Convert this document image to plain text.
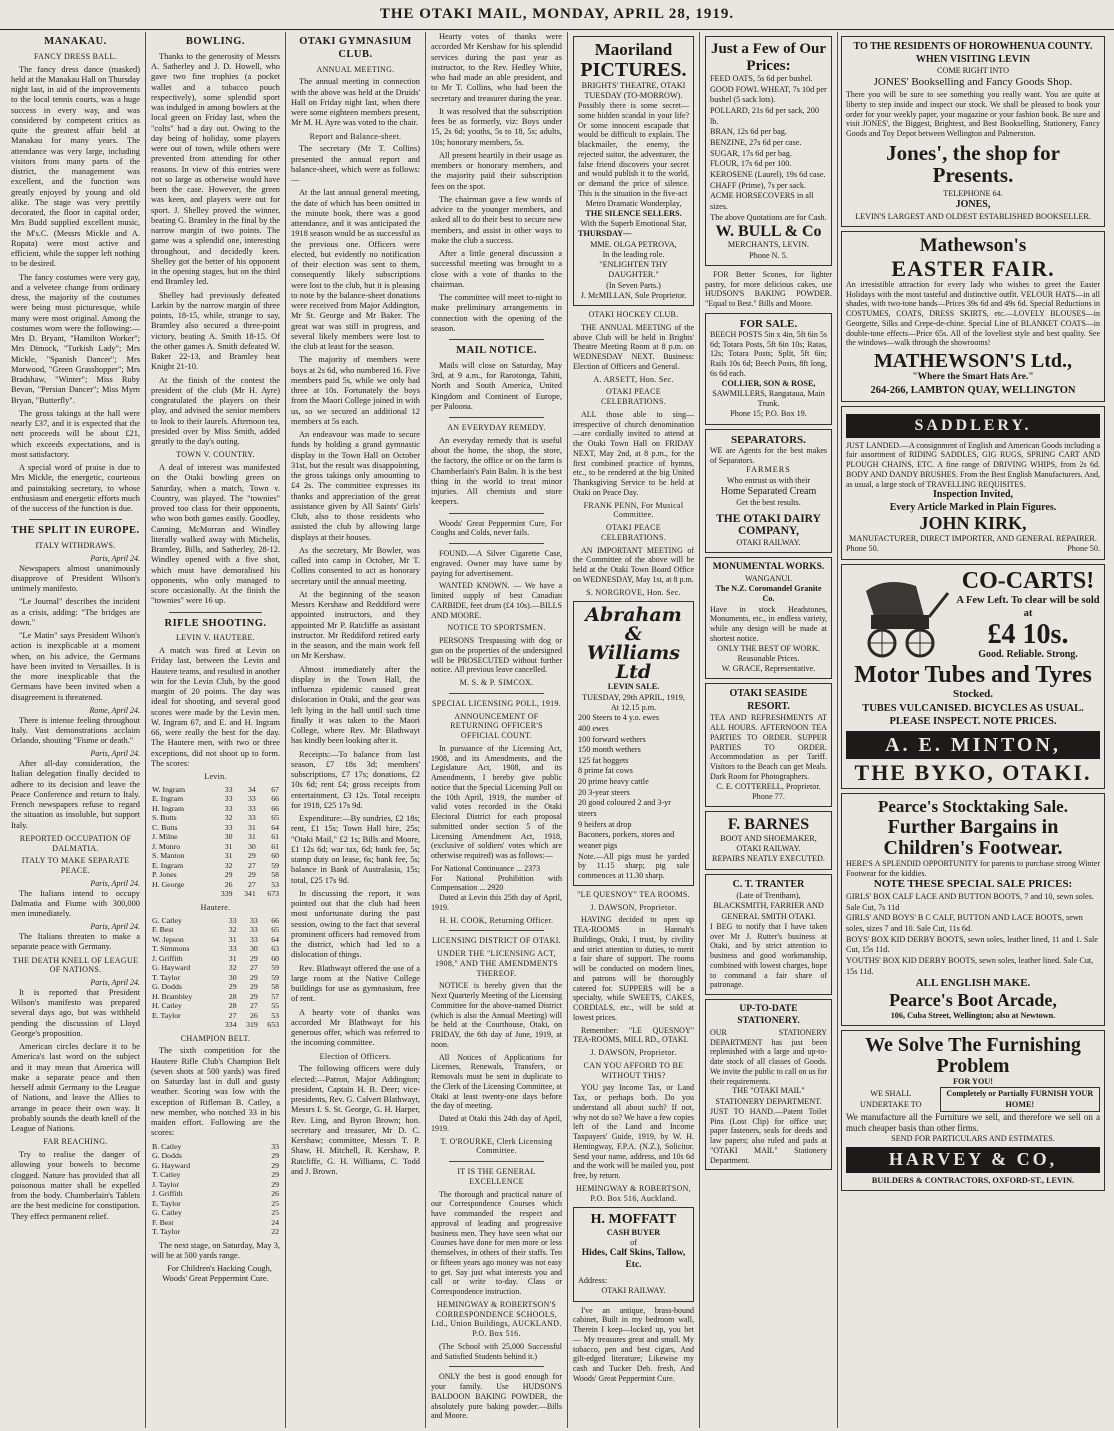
THE OTAKI MAIL, MONDAY, APRIL 28, 1919.
MANAKAU.
FANCY DRESS BALL.

The fancy dress dance (masked) held at the Manakau Hall on Thursday night last, in aid of the improvements to the local tennis courts, was a huge success in every way, and was considered by competent critics as quite the greatest affair held at Manakau for many years. The attendance was very large, including visitors from many parts of the district, the management was excellent, and the function was greatly enjoyed by young and old alike. The stage was very prettily decorated, the floor in capital order, Mrs Budd supplied excellent music, the M's.C. (Messrs Mickle and A. Ropata) were most active and efficient, while the supper left nothing to be desired.

The fancy costumes were very gay, and a velvetee change from ordinary dress, the majority of the costumes were being most picturesque, while many were most original. Among the costumes worn were the following:— Mrs D. Bryant, "Hamilton Worker"; Mrs Dimock, "Turkish Lady"; Mrs Mickle, "Spanish Dancer"; Mrs Morwood, "Green Grasshopper"; Mrs Bradshaw, "Winter"; Miss Ruby Bevan, "Persian Dancer"; Miss Myrn Bryan, "Butterfly".

The gross takings at the hall were nearly £37, and it is expected that the nett proceeds will be about £21, which exceeds expectations, and is most satisfactory.

A special word of praise is due to Mrs Mickle, the energetic, courteous and painstaking secretary, to whose enthusiasm and energetic efforts much of the success of the function is due.

THE SPLIT IN EUROPE.
ITALY WITHDRAWS.
Paris, April 24.

Newspapers almost unanimously disapprove of President Wilson's untimely manifesto.

"Le Journal" describes the incident as a crisis, adding: "The bridges are down."

"Le Matin" says President Wilson's action is inexplicable at a moment when, on his advice, the Germans have been invited to Versailles. It is the more inexplicable that the Germans have been invited when a disagreement is threatened.

Rome, April 24.

There is intense feeling throughout Italy. Vast demonstrations acclaim Orlando, shouting "Fiume or death."

Paris, April 24.

After all-day consideration, the Italian delegation finally decided to adhere to its decision and leave the Peace Conference and return to Italy. French newspapers refuse to regard the situation as insoluble, but support Italy.

REPORTED OCCUPATION OF DALMATIA.
ITALY TO MAKE SEPARATE PEACE.
Paris, April 24.

The Italians intend to occupy Dalmatia and Fiume with 300,000 men immediately.

Paris, April 24.

The Italians threaten to make a separate peace with Germany.

THE DEATH KNELL OF LEAGUE OF NATIONS.
Paris, April 24.

It is reported that President Wilson's manifesto was prepared several days ago, but was withheld pending the discussion of Lloyd George's proposition.

American circles declare it to be America's last word on the subject and it may mean that America will make a separate peace and then herself admit Germany to the League of Nations, and leave the Allies to arrange in peace their own way. It probably sounds the death knell of the League of Nations.

FAR REACHING.

Try to realise the danger of allowing your bowels to become clogged. Nature has provided that all poisonous matter shall be expelled from the body. Chamberlain's Tablets are the best medicine for constipation. They effect permanent relief.

BOWLING.

Thanks to the generosity of Messrs A. Satherley and J. D. Howell, who gave two fine trophies (a pocket wallet and a tobacco pouch respectively), some splendid sport was indulged in among bowlers at the local green on Friday last, when the "colts" had a day out. Owing to the day being of holiday, some players were out of town, while others were prevented from attending for other reasons. In view of this entries were not so large as otherwise would have been the case. However, the green was keen, and players were out for sport. J. Shelley proved the winner, beating G. Bramley in the final by the narrow margin of two points. The game was a splendid one, interesting throughout, and decidedly keen. Shelley got the better of his opponent in the opening stages, but on the third end Bramley led.

Shelley had previously defeated Larkin by the narrow margin of three points, 18-15, while, strange to say, Bramley also secured a three-point victory, beating A. Smith 18-15. Of the other games A. Smith defeated W. Baker 22-13, and Bramley beat Knight 21-10.

At the finish of the contest the president of the club (Mr H. Ayre) congratulated the players on their play, and advised the senior members to look to their laurels. Afternoon tea, presided over by Miss Smith, added greatly to the day's outing.

TOWN V. COUNTRY.

A deal of interest was manifested on the Otaki bowling green on Saturday, when a match, Town v. Country, was played. The "townies" proved too class for their opponents, who won both games easily. Goodley, Canning, McMorran and Windley literally walked away with Michelis, Bramley, Bills, and Satherley, 28-12. Windley opened with a five shot, which must have demoralised his opponents, who only managed to score occasionally. At the finish the "townies" were 16 up.

RIFLE SHOOTING.
LEVIN V. HAUTERE.

A match was fired at Levin on Friday last, between the Levin and Hautere teams, and resulted in another win for the Levin Club, by the good margin of 20 points. The day was ideal for shooting, and several good scores were made by the Levin men. W. Ingram 67, and E. and H. Ingram 66, were really the best for the day. The Hautere men, with two or three exceptions, did not shoot up to form. The scores:

Levin.
W. Ingram	33	34	67
E. Ingram	33	33	66
H. Ingram	33	33	66
S. Butts	32	33	65
C. Butts	33	31	64
J. Milne	30	31	61
J. Munro	31	30	61
S. Manton	31	29	60
E. Ingram	32	27	59
P. Jones	29	29	58
H. George	26	27	53
	339	341	673
Hautere.
G. Catley	33	33	66
F. Best	32	33	65
W. Jepson	31	33	64
T. Simmons	33	30	63
J. Griffith	31	29	60
G. Hayward	32	27	59
T. Taylor	30	29	59
G. Dodds	29	29	58
H. Brambley	28	29	57
H. Catley	28	27	55
E. Taylor	27	26	53
	334	319	653
CHAMPION BELT.

The sixth competition for the Hautere Rifle Club's Champion Belt (seven shots at 500 yards) was fired on Saturday last in dull and gusty weather. Scoring was low with the exception of Rifleman B. Catley, a new member, who notched 33 in his maiden effort. Following are the scores:

B. Catley	33
G. Dodds	29
G. Hayward	29
T. Catley	29
J. Taylor	29
J. Griffith	26
E. Taylor	25
G. Catley	25
F. Best	24
T. Taylor	22

The next stage, on Saturday, May 3, will be at 500 yards range.

For Children's Hacking Cough, Woods' Great Peppermint Cure.

OTAKI GYMNASIUM CLUB.
ANNUAL MEETING.

The annual meeting in connection with the above was held at the Druids' Hall on Friday night last, when there were some eighteen members present, Mr M. H. Ayre was voted to the chair.

Report and Balance-sheet.

The secretary (Mr T. Collins) presented the annual report and balance-sheet, which were as follows:—

At the last annual general meeting, the date of which has been omitted in the minute book, there was a good attendance, and it was anticipated the 1918 season would be as successful as the previous one. Officers were elected, but evidently no notification of their election was sent to them, consequently likely subscriptions were lost to the club, but it is pleasing to note by the balance-sheet donations were received from Major Addington, Mr St. George and Mr Baker. The great war was still in progress, and several likely members were lost to the club at least for the season.

The majority of members were boys at 2s 6d, who numbered 16. Five members paid 5s, while we only had three at 10s. Fortunately the boys from the Maori College joined in with us, so we secured an additional 12 members at 5s each.

An endeavour was made to secure funds by holding a grand gymnastic display in the Town Hall on October 31st, but the result was disappointing, the gross takings only amounting to £4 2s. The committee expresses its thanks and appreciation of the great assistance given by All Saints' Girls' Club, also to those residents who assisted the club by allowing large displays at their houses.

As the secretary, Mr Bowler, was called into camp in October, Mr T. Collins consented to act as honorary secretary until the annual meeting.

At the beginning of the season Messrs Kershaw and Reddiford were appointed instructors, and they appointed Mr P. Ratcliffe as assistant instructor. Mr Reddiford retired early in the season, and the main work fell on Mr Kershaw.

Almost immediately after the display in the Town Hall, the influenza epidemic caused great dislocation in Otaki, and the gear was left lying in the hall until such time finally it was taken to the Maori College, where Rev. Mr Blathwayt has kindly been looking after it.

Receipts:—To balance from last season, £7 18s 3d; members' subscriptions, £7 17s; donations, £2 10s 6d; rent £4; gross receipts from entertainment, £3 12s. Total receipts for 1918, £25 17s 9d.

Expenditure:—By sundries, £2 18s; rent, £1 15s; Town Hall hire, 25s; "Otaki Mail," £2 1s; Bills and Moore, £1 12s 6d; war tax, 6d; bank fee, 5s; stamp duty on lease, 6s; bank fee, 5s; balance in Bank of Australasia, 15s; total, £25 17s 9d.

In discussing the report, it was pointed out that the club had been most unfortunate during the past session, owing to the fact that several prominent officers had removed from the district, which had led to a dislocation of things.

Rev. Blathwayt offered the use of a large room at the Native College buildings for use as gymnasium, free of rent.

A hearty vote of thanks was accorded Mr Blathwayt for his generous offer, which was referred to the incoming committee.

Election of Officers.

The following officers were duly elected:—Patron, Major Addington; president, Captain H. B. Deer; vice-presidents, Rev. G. Calvert Blathwayt, Messrs I. S. St. George, G. H. Harper, Rev. Ling, and Byron Brown; hon. secretary and treasurer, Mr D. C. Kershaw; committee, Messrs T. P. Shaw, H. Mitchell, R. Kershaw, P. Ratcliffe, G. H. Williams, C. Todd and J. Brown.

Hearty votes of thanks were accorded Mr Kershaw for his splendid services during the past year as instructor, to the Rev. Hedley White, who had made an able president, and to Mr T. Collins, who had been the secretary and treasurer during the year.

It was resolved that the subscription fees be as formerly, viz: Boys under 15, 2s 6d; youths, 5s to 18, 5s; adults, 10s; honorary members, 5s.

All present heartily in their usage as members or honorary members, and the majority paid their subscription fees on the spot.

The chairman gave a few words of advice to the younger members, and asked all to do their best to secure new members, and assist in other ways to make the club a success.

After a little general discussion a successful meeting was brought to a close with a vote of thanks to the chairman.

The committee will meet to-night to make preliminary arrangements in connection with the opening of the season.

MAIL NOTICE.

Mails will close on Saturday, May 3rd, at 9 a.m., for Rarotonga, Tahiti, North and South America, United Kingdom and Continent of Europe, per Paloona.

AN EVERYDAY REMEDY.

An everyday remedy that is useful about the home, the shop, the store, the factory, the office or on the farm is Chamberlain's Pain Balm. It is the best thing in the world to treat minor injuries. All chemists and store keepers.

Woods' Great Peppermint Cure, For Coughs and Colds, never fails.

FOUND.—A Silver Cigarette Case, engraved. Owner may have same by paying for advertisement.

WANTED KNOWN. — We have a limited supply of best Canadian CARBIDE, feet drum (£4 10s).—BILLS AND MOORE.

NOTICE TO SPORTSMEN.

PERSONS Trespassing with dog or gun on the properties of the undersigned will be PROSECUTED without further notice. All previous leave cancelled.

M. S. & P. SIMCOX.
SPECIAL LICENSING POLL, 1919.
ANNOUNCEMENT OF RETURNING OFFICER'S OFFICIAL COUNT.

In pursuance of the Licensing Act, 1908, and its Amendments, and the Legislature Act, 1908, and its Amendments, I hereby give public notice that the Special Licensing Poll on the 10th April, 1919, the number of valid votes recorded in the Otaki Electoral District for each proposal submitted under section 5 of the Licensing Amendment Act, 1918, (exclusive of soldiers' votes which are otherwise required) was as follows:—

For National Continuance ... 2373

For National Prohibition with Compensation ... 2920

Dated at Levin this 25th day of April, 1919.

H. H. COOK, Returning Officer.
LICENSING DISTRICT OF OTAKI.
UNDER THE "LICENSING ACT, 1908," AND THE AMENDMENTS THEREOF.

NOTICE is hereby given that the Next Quarterly Meeting of the Licensing Committee for the above-named District (which is also the Annual Meeting) will be held at the Courthouse, Otaki, on FRIDAY, the 6th day of June, 1919, at noon.

All Notices of Applications for Licenses, Renewals, Transfers, or Removals must be sent in duplicate to the Clerk of the Licensing Committee, at Otaki at least twenty-one days before the day of meeting.

Dated at Otaki this 24th day of April, 1919.

T. O'ROURKE, Clerk Licensing Committee.
IT IS THE GENERAL EXCELLENCE

The thorough and practical nature of our Correspondence Courses which have commanded the respect and approval of leading and progressive business men. They have seen what our Courses have done for men more or less themselves, in others of their staffs. Ten or fifteen years ago money was not easy to get. Say just what interests you and call or write to-day. Class or Correspondence instruction.

HEMINGWAY & ROBERTSON'S CORRESPONDENCE SCHOOLS, Ltd., Union Buildings, AUCKLAND. P.O. Box 516.

(The School with 25,000 Successful and Satisfied Students behind it.)

ONLY the best is good enough for your family. Use HUDSON'S BALDOON BAKING POWDER, the absolutely pure baking powder.—Bills and Moore.

Maoriland
PICTURES.
BRIGHTS' THEATRE, OTAKI TUESDAY (TO-MORROW).

Possibly there is some secret—some hidden scandal in your life? Or some innocent escapade that would be difficult to explain. The blackmailer, the enemy, the rejected suitor, the adventurer, the false friend discovers your secret and would publish it to the world, or demand the price of silence. This is the situation in the five-act

Metro Dramatic Wonderplay,
THE SILENCE SELLERS.
With the Superb Emotional Star,
THURSDAY—
MME. OLGA PETROVA,
In the leading role.
"ENLIGHTEN THY DAUGHTER."
(In Seven Parts.)
J. McMILLAN, Sole Proprietor.
OTAKI HOCKEY CLUB.

THE ANNUAL MEETING of the above Club will be held in Brights' Theatre Meeting Room at 8 p.m. on WEDNESDAY NEXT. Business: Election of Officers and General.

A. ARSETT, Hon. Sec.
OTAKI PEACE CELEBRATIONS.

ALL those able to sing—irrespective of church denomination—are cordially invited to attend at the Otaki Town Hall on FRIDAY NEXT, May 2nd, at 8 p.m., for the first combined practice of hymns, etc., to be rendered at the big United Thanksgiving Service to be held at Otaki on Peace Day.

FRANK PENN, For Musical Committee.
OTAKI PEACE CELEBRATIONS.

AN IMPORTANT MEETING of the Committee of the above will be held at the Otaki Town Board Office on WEDNESDAY, May 1st, at 8 p.m.

S. NORGROVE, Hon. Sec.
Abraham & Williams Ltd
LEVIN SALE.
TUESDAY, 29th APRIL, 1919, At 12.15 p.m.
200 Steers to 4 y.o. ewes
400 ewes
100 forward wethers
150 month wethers
125 fat hoggets
8 prime fat cows
20 prime heavy cattle
20 3-year steers
20 good coloured 2 and 3-yr steers
9 heifers at drop
Baconers, porkers, stores and weaner pigs

Note.—All pigs must be yarded by 11.15 sharp; pig sale commences at 11.30 sharp.

"LE QUESNOY" TEA ROOMS.
J. DAWSON, Proprietor.

HAVING decided to open up TEA-ROOMS in Hannah's Buildings, Otaki, I trust, by civility and strict attention to duties, to merit a fair share of support. The rooms will be conducted on modern lines, and patrons will be thoroughly catered for. SUPPERS will be a specialty, while SWEETS, CAKES, CORDIALS, etc., will be sold at lowest prices.

Remember: "LE QUESNOY" TEA-ROOMS, MILL RD., OTAKI.

J. DAWSON, Proprietor.
CAN YOU AFFORD TO BE WITHOUT THIS?

YOU pay Income Tax, or Land Tax, or perhaps both. Do you understand all about such? If not, why not do so? We have a few copies left of the Land and Income Taxpayers' Guide, 1919, by W. H. Hemingway, F.P.A. (N.Z.), Solicitor. Send your name, address, and 10s 6d and the work will be mailed you, post free, by return.

HEMINGWAY & ROBERTSON, P.O. Box 516, Auckland.
H. MOFFATT
CASH BUYER
of
Hides, Calf Skins, Tallow, Etc.
Address:
OTAKI RAILWAY.

I've an antique, brass-bound cabinet, Built in my bedroom wall, Therein I keep—locked up, you bet— My treasures great and small. My tobacco, pen and best cigars, And gilt-edged literature; Likewise my cash and Tucker Deb. fresh, And Woods' Great Peppermint Cure.

Just a Few of Our Prices:
FEED OATS, 5s 6d per bushel.
GOOD FOWL WHEAT, 7s 10d per bushel (5 sack lots).
POLLARD, 21s 6d per sack, 200 lb.
BRAN, 12s 6d per bag.
BENZINE, 27s 6d per case.
SUGAR, 17s 6d per bag.
FLOUR, 17s 6d per 100.
KEROSENE (Laurel), 19s 6d case.
CHAFF (Prime), 7s per sack.
ACME HORSECOVERS in all sizes.
The above Quotations are for Cash.
W. BULL & Co
MERCHANTS, LEVIN.
Phone N. 5.

FOR Better Scones, for lighter pastry, for more delicious cakes, use HUDSON'S BAKING POWDER. "Equal to Best." Bills and Moore.

FOR SALE.

BEECH POSTS 5in x 4in, 5ft 6in 5s 6d; Totara Posts, 5ft 6in 10s; Ratas, 12s; Totara Posts; Split, 5ft 6in; Rails 10s 6d; Beech Posts, 8ft long, 6s 6d each.

COLLIER, SON & ROSE,
SAWMILLERS, Rangataua, Main Trunk.
Phone 15; P.O. Box 19.
SEPARATORS.

WE are Agents for the best makes of Separators.

FARMERS
Who entrust us with their
Home Separated Cream
Get the best results.
THE OTAKI DAIRY COMPANY,
OTAKI RAILWAY.
MONUMENTAL WORKS.
WANGANUI.
The N.Z. Coromandel Granite Co.

Have in stock Headstones, Monuments, etc., in endless variety, while any design will be made at shortest notice.

ONLY THE BEST OF WORK. Reasonable Prices.
W. GRACE, Representative.
OTAKI SEASIDE RESORT.

TEA AND REFRESHMENTS AT ALL HOURS. AFTERNOON TEA PARTIES TO ORDER. SUPPER PARTIES TO ORDER. Accommodation as per Tariff. Visitors to the Beach can get Meals. Dark Room for Photographers.

C. E. COTTERELL, Proprietor. Phone 77.
F. BARNES
BOOT AND SHOEMAKER, OTAKI RAILWAY.
REPAIRS NEATLY EXECUTED.
C. T. TRANTER
(Late of Trentham), BLACKSMITH, FARRIER AND GENERAL SMITH OTAKI.

I BEG to notify that I have taken over Mr J. Rutter's business at Otaki, and by strict attention to business and good workmanship, combined with lowest charges, hope to command a fair share of patronage.

UP-TO-DATE STATIONERY.

OUR STATIONERY DEPARTMENT has just been replenished with a large and up-to-date stock of all classes of Goods. We invite the public to call on us for their requirements.

THE "OTAKI MAIL" STATIONERY DEPARTMENT.

JUST TO HAND.—Patent Toilet Pins (Lost Clip) for office use; paper fasteners, seals for deeds and law papers; also ruled and pads at "OTAKI MAIL" Stationery Department.

TO THE RESIDENTS OF HOROWHENUA COUNTY.
WHEN VISITING LEVIN
COME RIGHT INTO
JONES' Bookselling and Fancy Goods Shop.

There you will be sure to see something you really want. You are quite at liberty to step inside and inspect our stock. We shall be pleased to book your order for your weekly paper, your magazine or your fashion book. Be sure and visit JONES', the Biggest, Brightest, and Best Bookselling, Stationery, Fancy Goods and Toy Depot between Wellington and Palmerston.

Jones', the shop for Presents.
TELEPHONE 64.
JONES,
LEVIN'S LARGEST AND OLDEST ESTABLISHED BOOKSELLER.
Mathewson's
EASTER FAIR.

An irresistible attraction for every lady who wishes to greet the Easter Holidays with the most tasteful and distinctive outfit. VELOUR HATS—in all shades, with two-tone bands—Prices 39s 6d and 49s 6d. Special Reductions in COSTUMES, COATS, DRESS SKIRTS, etc.—LOVELY BLOUSES—in Georgette, Silks and Crepe-de-chine. Special Line of BLANKET COATS—in double-tone effects—Price 65s. All of the loveliest style and best quality. See the windows—walk through the showrooms!

MATHEWSON'S Ltd.,
"Where the Smart Hats Are."
264-266, LAMBTON QUAY, WELLINGTON
SADDLERY.

JUST LANDED.—A consignment of English and American Goods including a fair assortment of RIDING SADDLES, GIG RUGS, SPRING CART AND PLOUGH CHAINS, ETC. A fine range of DRIVING WHIPS, from 2s 6d. BODY AND DANDY BRUSHES. From the Best English Manufacturers. And, as usual, a large stock of TRAVELLING REQUISITES.

Inspection Invited,
Every Article Marked in Plain Figures.
JOHN KIRK,
MANUFACTURER, DIRECT IMPORTER, AND GENERAL REPAIRER.
Phone 50.	Phone 50.
CO-CARTS!
A Few Left. To clear will be sold at
£4 10s.
Good. Reliable. Strong.
Motor Tubes and Tyres
Stocked.
TUBES VULCANISED. BICYCLES AS USUAL. PLEASE INSPECT. NOTE PRICES.
A. E. MINTON,
THE BYKO, OTAKI.
Pearce's Stocktaking Sale.
Further Bargains in Children's Footwear.

HERE'S A SPLENDID OPPORTUNITY for parents to purchase strong Winter Footwear for the kiddies.

NOTE THESE SPECIAL SALE PRICES:
GIRLS' BOX CALF LACE AND BUTTON BOOTS, 7 and 10, sewn soles. Sale Cut, 7s 11d
GIRLS' AND BOYS' B C CALF, BUTTON AND LACE BOOTS, sewn soles, sizes 7 and 10. Sale Cut, 11s 6d.
BOYS' BOX KID DERBY BOOTS, sewn soles, leather lined, 11 and 1. Sale Cut, 15s 11d.
YOUTHS' BOX KID DERBY BOOTS, sewn soles, leather lined. Sale Cut, 15s 11d.
ALL ENGLISH MAKE.
Pearce's Boot Arcade,
106, Cuba Street, Wellington; also at Newtown.
We Solve The Furnishing Problem
FOR YOU!
WE SHALL UNDERTAKE TO
Completely or Partially FURNISH YOUR HOME!

We manufacture all the Furniture we sell, and therefore we sell on a much cheaper basis than other firms.

SEND FOR PARTICULARS AND ESTIMATES.
HARVEY & CO,
BUILDERS & CONTRACTORS, OXFORD-ST., LEVIN.
